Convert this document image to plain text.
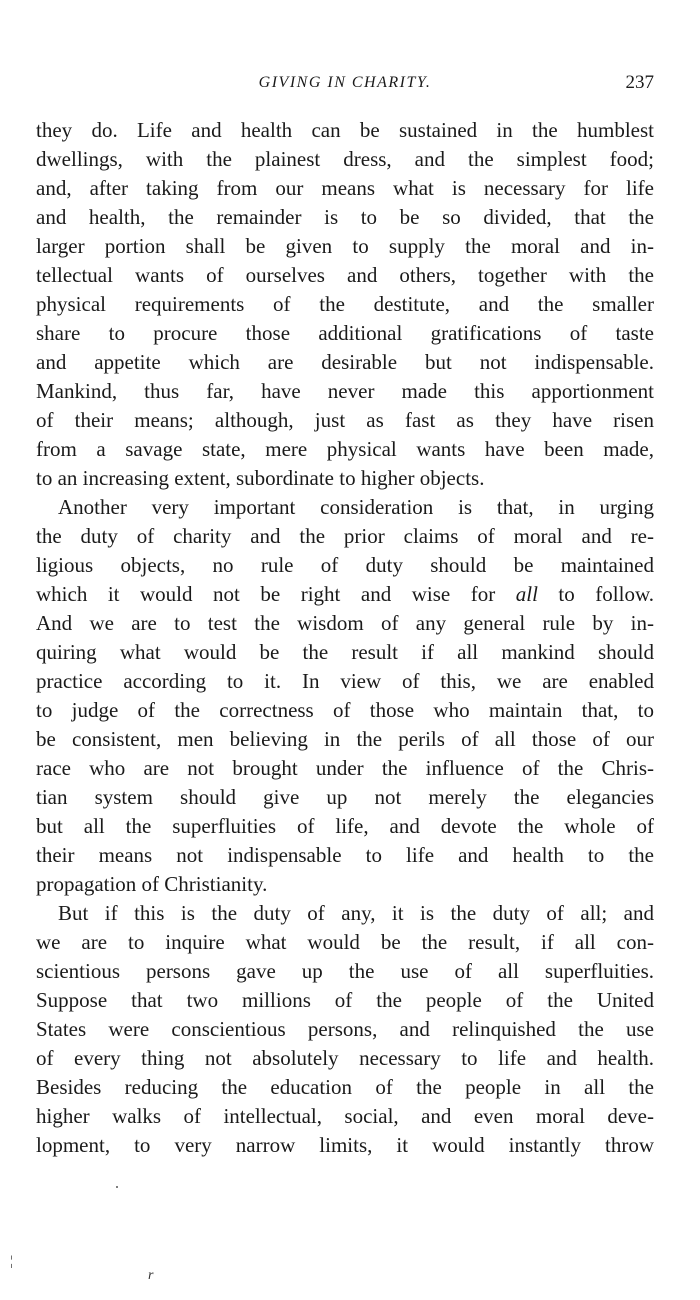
GIVING IN CHARITY.	237
they do. Life and health can be sustained in the humblest
dwellings, with the plainest dress, and the simplest food;
and, after taking from our means what is necessary for life
and health, the remainder is to be so divided, that the
larger portion shall be given to supply the moral and in-
tellectual wants of ourselves and others, together with the
physical requirements of the destitute, and the smaller
share to procure those additional gratifications of taste
and appetite which are desirable but not indispensable.
Mankind, thus far, have never made this apportionment
of their means; although, just as fast as they have risen
from a savage state, mere physical wants have been made,
to an increasing extent, subordinate to higher objects.
Another very important consideration is that, in urging
the duty of charity and the prior claims of moral and re-
ligious objects, no rule of duty should be maintained
which it would not be right and wise for all to follow.
And we are to test the wisdom of any general rule by in-
quiring what would be the result if all mankind should
practice according to it. In view of this, we are enabled
to judge of the correctness of those who maintain that, to
be consistent, men believing in the perils of all those of our
race who are not brought under the influence of the Chris-
tian system should give up not merely the elegancies
but all the superfluities of life, and devote the whole of
their means not indispensable to life and health to the
propagation of Christianity.
But if this is the duty of any, it is the duty of all; and
we are to inquire what would be the result, if all con-
scientious persons gave up the use of all superfluities.
Suppose that two millions of the people of the United
States were conscientious persons, and relinquished the use
of every thing not absolutely necessary to life and health.
Besides reducing the education of the people in all the
higher walks of intellectual, social, and even moral deve-
lopment, to very narrow limits, it would instantly throw
¦
r
